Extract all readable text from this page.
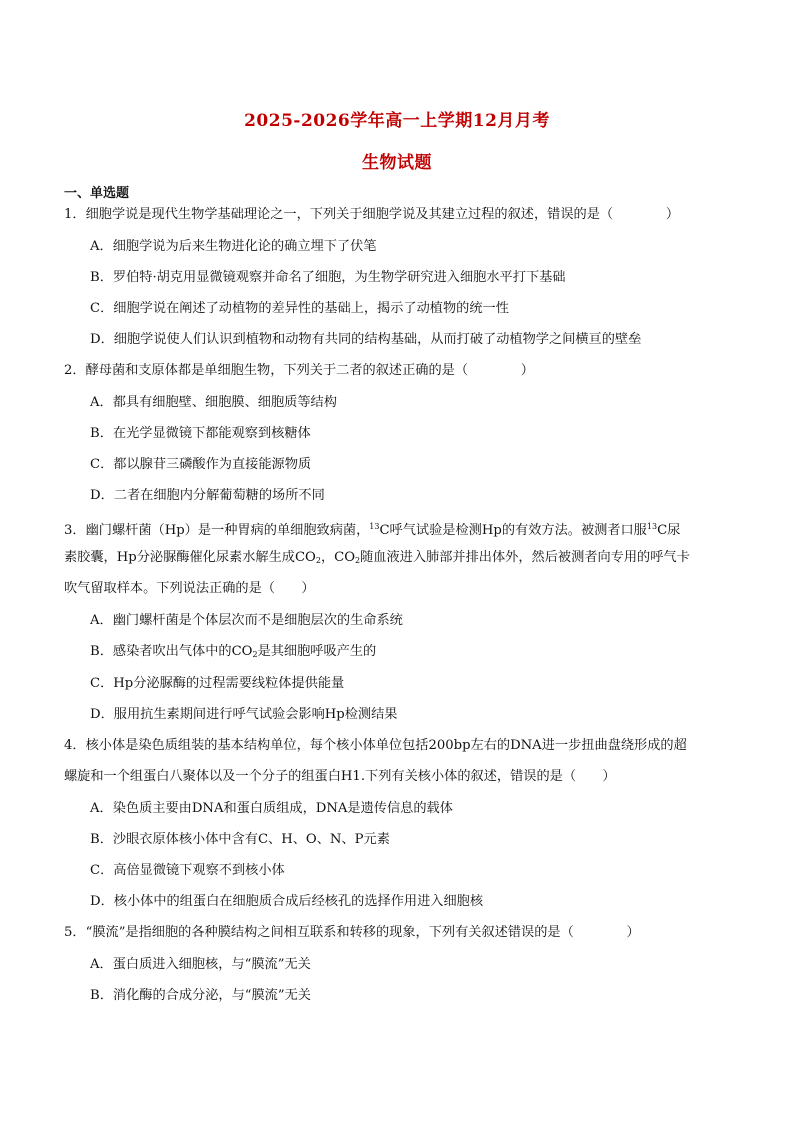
2025-2026学年高一上学期12月月考
生物试题
一、单选题
1．细胞学说是现代生物学基础理论之一，下列关于细胞学说及其建立过程的叙述，错误的是（　　　　）
A．细胞学说为后来生物进化论的确立埋下了伏笔
B．罗伯特·胡克用显微镜观察并命名了细胞，为生物学研究进入细胞水平打下基础
C．细胞学说在阐述了动植物的差异性的基础上，揭示了动植物的统一性
D．细胞学说使人们认识到植物和动物有共同的结构基础，从而打破了动植物学之间横亘的壁垒
2．酵母菌和支原体都是单细胞生物，下列关于二者的叙述正确的是（　　　　）
A．都具有细胞壁、细胞膜、细胞质等结构
B．在光学显微镜下都能观察到核糖体
C．都以腺苷三磷酸作为直接能源物质
D．二者在细胞内分解葡萄糖的场所不同
3．幽门螺杆菌（Hp）是一种胃病的单细胞致病菌，$^{13}$C呼气试验是检测Hp的有效方法。被测者口服$^{13}$C尿
素胶囊，Hp分泌脲酶催化尿素水解生成$CO_2$，$CO_2$随血液进入肺部并排出体外，然后被测者向专用的呼气卡
吹气留取样本。下列说法正确的是（　　）
A．幽门螺杆菌是个体层次而不是细胞层次的生命系统
B．感染者吹出气体中的$CO_2$是其细胞呼吸产生的
C．Hp分泌脲酶的过程需要线粒体提供能量
D．服用抗生素期间进行呼气试验会影响Hp检测结果
4．核小体是染色质组装的基本结构单位，每个核小体单位包括200bp左右的DNA进一步扭曲盘绕形成的超
螺旋和一个组蛋白八聚体以及一个分子的组蛋白H1.下列有关核小体的叙述，错误的是（　　）
A．染色质主要由DNA和蛋白质组成，DNA是遗传信息的载体
B．沙眼衣原体核小体中含有C、H、O、N、P元素
C．高倍显微镜下观察不到核小体
D．核小体中的组蛋白在细胞质合成后经核孔的选择作用进入细胞核
5．“膜流”是指细胞的各种膜结构之间相互联系和转移的现象，下列有关叙述错误的是（　　　　）
A．蛋白质进入细胞核，与“膜流”无关
B．消化酶的合成分泌，与“膜流”无关
